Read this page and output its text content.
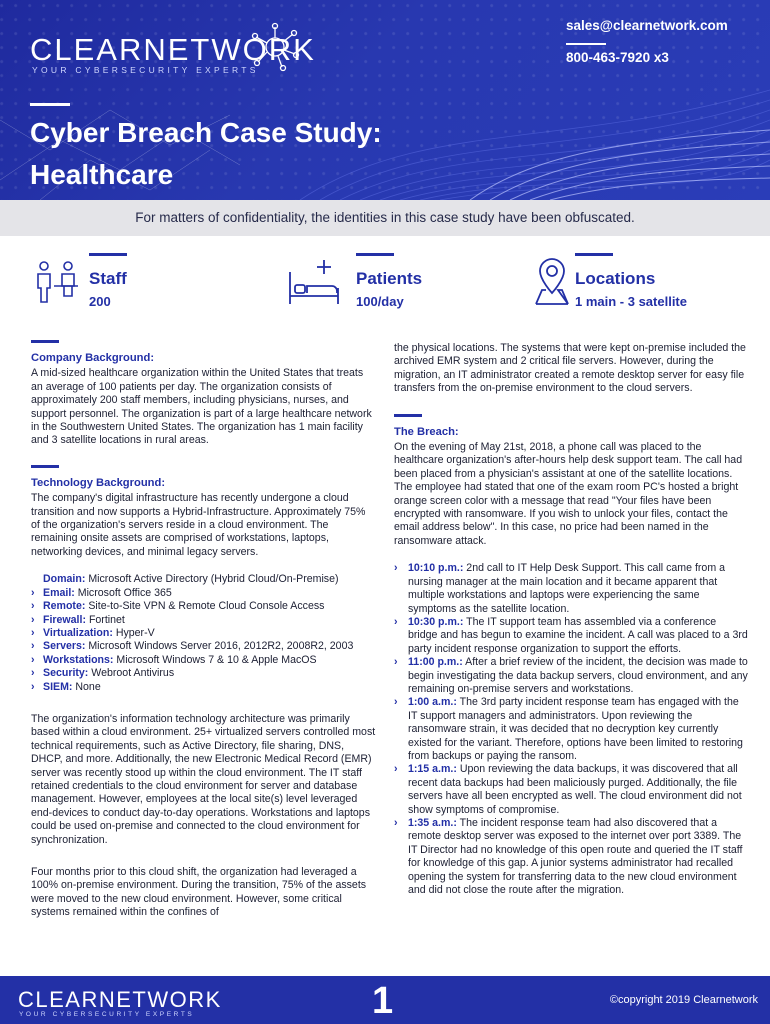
CLEARNETWORK
YOUR CYBERSECURITY EXPERTS
sales@clearnetwork.com
800-463-7920 x3
Cyber Breach Case Study:
Healthcare
For matters of confidentiality, the identities in this case study have been obfuscated.
Staff
200
Patients
100/day
Locations
1 main - 3 satellite
Company Background:

A mid-sized healthcare organization within the United States that treats an average of 100 patients per day. The organization consists of approximately 200 staff members, including physicians, nurses, and support personnel. The organization is part of a large healthcare network in the Southwestern United States. The organization has 1 main facility and 3 satellite locations in rural areas.

Technology Background:

The company's digital infrastructure has recently undergone a cloud transition and now supports a Hybrid-Infrastructure. Approximately 75% of the organization's servers reside in a cloud environment. The remaining onsite assets are comprised of workstations, laptops, networking devices, and minimal legacy servers.

Domain: Microsoft Active Directory (Hybrid Cloud/On-Premise)
› Email: Microsoft Office 365
› Remote: Site-to-Site VPN & Remote Cloud Console Access
› Firewall: Fortinet
› Virtualization: Hyper-V
› Servers: Microsoft Windows Server 2016, 2012R2, 2008R2, 2003
› Workstations: Microsoft Windows 7 & 10 & Apple MacOS
› Security: Webroot Antivirus
› SIEM: None

The organization's information technology architecture was primarily based within a cloud environment. 25+ virtualized servers controlled most technical requirements, such as Active Directory, file sharing, DNS, DHCP, and more. Additionally, the new Electronic Medical Record (EMR) server was recently stood up within the cloud environment. The IT staff retained credentials to the cloud environment for server and database management. However, employees at the local site(s) level leveraged end-devices to conduct day-to-day operations. Workstations and laptops could be used on-premise and connected to the cloud environment for synchronization.

Four months prior to this cloud shift, the organization had leveraged a 100% on-premise environment. During the transition, 75% of the assets were moved to the new cloud environment. However, some critical systems remained within the confines of

the physical locations. The systems that were kept on-premise included the archived EMR system and 2 critical file servers. However, during the migration, an IT administrator created a remote desktop server for easy file transfers from the on-premise environment to the cloud servers.

The Breach:

On the evening of May 21st, 2018, a phone call was placed to the healthcare organization's after-hours help desk support team. The call had been placed from a physician's assistant at one of the satellite locations. The employee had stated that one of the exam room PC's hosted a bright orange screen color with a message that read "Your files have been encrypted with ransomware. If you wish to unlock your files, contact the email address below". In this case, no price had been named in the ransomware attack.

› 10:10 p.m.: 2nd call to IT Help Desk Support. This call came from a nursing manager at the main location and it became apparent that multiple workstations and laptops were experiencing the same symptoms as the satellite location.
› 10:30 p.m.: The IT support team has assembled via a conference bridge and has begun to examine the incident. A call was placed to a 3rd party incident response organization to support the efforts.
› 11:00 p.m.: After a brief review of the incident, the decision was made to begin investigating the data backup servers, cloud environment, and any remaining on-premise servers and workstations.
› 1:00 a.m.: The 3rd party incident response team has engaged with the IT support managers and administrators. Upon reviewing the ransomware strain, it was decided that no decryption key currently existed for the variant. Therefore, options have been limited to restoring from backups or paying the ransom.
› 1:15 a.m.: Upon reviewing the data backups, it was discovered that all recent data backups had been maliciously purged. Additionally, the file servers have all been encrypted as well. The cloud environment did not show symptoms of compromise.
› 1:35 a.m.: The incident response team had also discovered that a remote desktop server was exposed to the internet over port 3389. The IT Director had no knowledge of this open route and queried the IT staff for knowledge of this gap. A junior systems administrator had recalled opening the system for transferring data to the new cloud environment and did not close the route after the migration.
CLEARNETWORK
YOUR CYBERSECURITY EXPERTS	1	©copyright 2019 Clearnetwork
